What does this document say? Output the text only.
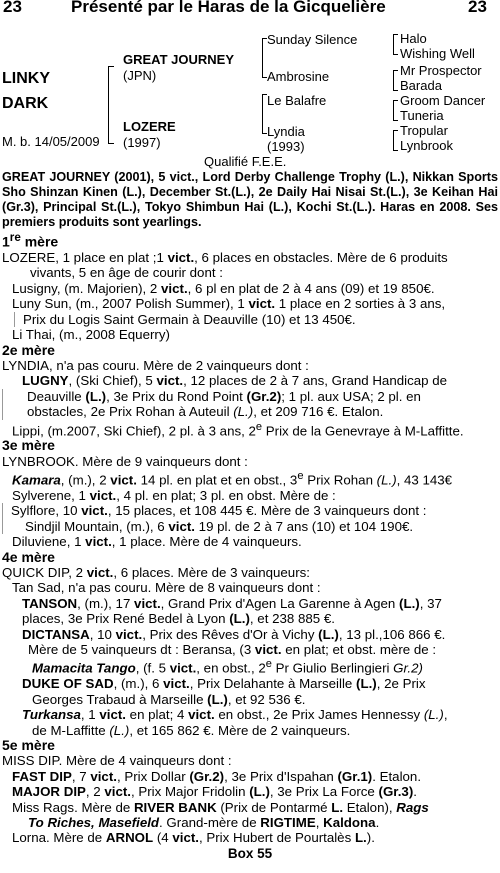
23	Présenté par le Haras de la Gicquelière	23
LINKY
DARK
M. b. 14/05/2009
GREAT JOURNEY
(JPN)
LOZERE
(1997)
Sunday Silence
Ambrosine
Le Balafre
Lyndia
(1993)
Halo
Wishing Well
Mr Prospector
Barada
Groom Dancer
Tuneria
Tropular
Lynbrook
Qualifié F.E.E.

GREAT JOURNEY (2001), 5 vict., Lord Derby Challenge Trophy (L.), Nikkan Sports Sho Shinzan Kinen (L.), December St.(L.), 2e Daily Hai Nisai St.(L.), 3e Keihan Hai (Gr.3), Principal St.(L.), Tokyo Shimbun Hai (L.), Kochi St.(L.). Haras en 2008. Ses premiers produits sont yearlings.

1re mère

LOZERE, 1 place en plat ;1 vict., 6 places en obstacles. Mère de 6 produits

vivants, 5 en âge de courir dont :

Lusigny, (m. Majorien), 2 vict., 6 pl en plat de 2 à 4 ans (09) et 19 850€.

Luny Sun, (m., 2007 Polish Summer), 1 vict. 1 place en 2 sorties à 3 ans,

Prix du Logis Saint Germain à Deauville (10) et 13 450€.

Li Thai, (m., 2008 Equerry)

2e mère

LYNDIA, n'a pas couru. Mère de 2 vainqueurs dont :

LUGNY, (Ski Chief), 5 vict., 12 places de 2 à 7 ans, Grand Handicap de

Deauville (L.), 3e Prix du Rond Point (Gr.2); 1 pl. aux USA; 2 pl. en

obstacles, 2e Prix Rohan à Auteuil (L.), et 209 716 €. Etalon.

Lippi, (m.2007, Ski Chief), 2 pl. à 3 ans, 2e Prix de la Genevraye à M-Laffitte.

3e mère

LYNBROOK. Mère de 9 vainqueurs dont :

Kamara, (m.), 2 vict. 14 pl. en plat et en obst., 3e Prix Rohan (L.), 43 143€

Sylverene, 1 vict., 4 pl. en plat; 3 pl. en obst. Mère de :

Sylflore, 10 vict., 15 places, et 108 445 €. Mère de 3 vainqueurs dont :

Sindjil Mountain, (m.), 6 vict. 19 pl. de 2 à 7 ans (10) et 104 190€.

Diluviene, 1 vict., 1 place. Mère de 4 vainqueurs.

4e mère

QUICK DIP, 2 vict., 6 places. Mère de 3 vainqueurs:

Tan Sad, n'a pas couru. Mère de 8 vainqueurs dont :

TANSON, (m.), 17 vict., Grand Prix d'Agen La Garenne à Agen (L.), 37

places, 3e Prix René Bedel à Lyon (L.), et 238 885 €.

DICTANSA, 10 vict., Prix des Rêves d'Or à Vichy (L.), 13 pl.,106 866 €.

Mère de 5 vainqueurs dt : Beransa, (3 vict. en plat; et obst. mère de :

Mamacita Tango, (f. 5 vict., en obst., 2e Pr Giulio Berlingieri Gr.2)

DUKE OF SAD, (m.), 6 vict., Prix Delahante à Marseille (L.), 2e Prix

Georges Trabaud à Marseille (L.), et 92 536 €.

Turkansa, 1 vict. en plat; 4 vict. en obst., 2e Prix James Hennessy (L.),

de M-Laffitte (L.), et 165 862 €. Mère de 2 vainqueurs.

5e mère

MISS DIP. Mère de 4 vainqueurs dont :

FAST DIP, 7 vict., Prix Dollar (Gr.2), 3e Prix d'Ispahan (Gr.1). Etalon.

MAJOR DIP, 2 vict., Prix Major Fridolin (L.), 3e Prix La Force (Gr.3).

Miss Rags. Mère de RIVER BANK (Prix de Pontarmé L. Etalon), Rags

To Riches, Masefield. Grand-mère de RIGTIME, Kaldona.

Lorna. Mère de ARNOL (4 vict., Prix Hubert de Pourtalès L.).

Box 55
